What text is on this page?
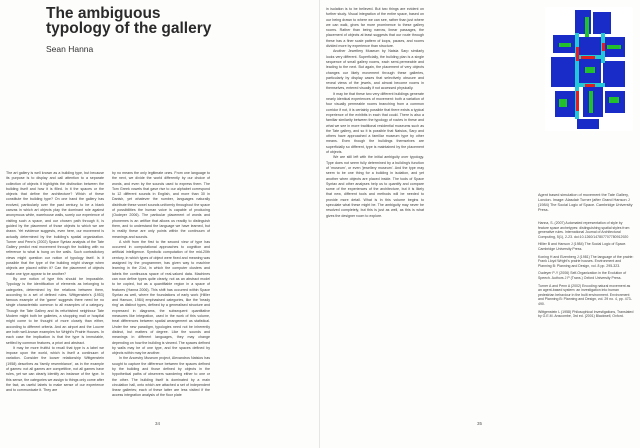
The ambiguous
typology of the gallery
Sean Hanna

The art gallery is well known as a building type, but because its purpose is to display and call attention to a separate collection of objects it highlights the distinction between the building itself and how it is filled. In it the spaces or the objects that define the architecture? Which of these constitute the building type? On one hand the gallery has evolved, particularly over the past century, to be a blank canvas in which art objects play the dominant role against anonymous white, warehouse walls, surely our experience of visiting such a space, and our chosen path through it, is guided by the placement of those objects to which we are drawn. Yet evidence suggests, even here, our movement is actually determined by the building's spatial organization. Turner and Penn's (2002) Space Syntax analysis of the Tate Gallery predict real movement through the building with no reference to what is hung on the walls. Such contradictory views might question our notion of typology itself. Is it possible that the type of the building might change when objects are placed within it? Can the placement of objects make one type appear to be another?

By one notion of type this should be impossible. Typology is the identification of elements as belonging to categories, determined by the relations between them, according to a set of defined rules. Wittgenstein's (1953) famous example of the 'game' suggests there need be no single characteristic common to all examples of a category. Though the Tate Gallery and its refurbished neighbour Tate Modern might both be galleries, a shopping mall or hospital might come to be thought of more closely than either, according to different criteria. And an airport and the Louvre are both well-known examples for Wright's Prairie Houses. In each case the implication is that the type is immutable, settled by common features, a priori and abstract.

It may be more fruitful to recall that type is a label we impose upon the world, which is itself a continuum of variation. Consider the looser relationship Wittgenstein (1958) describes as 'family resemblance', as in the example of games: not all games are competitive, not all games have rules, yet we can clearly identify an instance of the type. In this sense, the categories we assign to things only come after the fact, as useful labels to make sense of our experience and to communicate it. They are

by no means the only legitimate ones. From one language to the next, we divide the world differently by our choice of words, and even by the sounds used to express them. The Tom Greek vowels that gave rise to our alphabet correspond to 12 different sounds in English, and more than 30 in Danish, yet whatever the number, languages naturally distribute these vowel sounds uniformly throughout the space of possibilities the human voice is capable of producing (Oudeyer 2006). The particular placement of words and phonemes is an artifice that allows us readily to distinguish them, and to understand the language we have learned, but in reality these are only points within the continuum of meanings and sounds.

A shift from the first to the second view of type has occurred in computational approaches to cognition and artificial intelligence. Symbolic computation of the mid-20th century, in which types of object were fixed and meaning was assigned by the programmer, has given way to machine learning in the 21st, in which the computer clusters and labels the continuous space of real-valued data. Machines can now define types quite clearly, not as an abstract model to be copied, but as a quantifiable region in a space of features (Hanna 2006). This shift has occurred within Space Syntax as well, where the foundations of early work (Hillier and Hanson, 1984) emphasised categories, like the 'beady ring' as distinct types, defined by a generalised structure and expressed in diagrams, the subsequent quantitative measures like integration, used in the work of this volume, treat differences between spatial arrangement as statistical. Under the new paradigm, typologies need not be inherently distinct, but matters of degree. Like the sounds and meanings in different languages, they may change depending on how the building is viewed. The spaces defined by walls may be of one type, and the spaces defined by objects within may be another.

In the Ancestry Museum project, Alexandros Natsios has sought to capture the difference between the spaces defined by the building and those defined by objects in the hypothetical paths of observers wandering either to one or the other. The building itself is dominated by a main circulation hall, onto which are attached a set of independent linear galleries; each of these latter are less visited if the access integration analysis of the floor plate

34

in isolation is to be believed. But two things are evident on further study. Visual integration of the entire space, based on our being drawn to where we can see, rather than just where we can walk, gives far more prominence to these gallery rooms. Rather than being narrow, linear passages, the placement of objects at least suggests that our route through these has a finer scale pattern of loops, pauses, and rooms divided more by experience than structure.

Another Jewellery Museum by Natsia Sarp similarly looks very different. Superficially, the building plan is a single sequence of small gallery rooms, each semi-permeable and leading to the next. But again, the placement of very objects changes our likely movement through these galleries, particularly by display cases that selectively obscure and reveal views of the jewels, and almost become rooms in themselves, entered visually if not accessed physically.

It may be that these two very different buildings generate nearly identical experiences of movement: both a variation of four visually permeable rooms branching from a common corridor if not, it is certainly possible that there exists a typical experience of the exhibits in each that could. There is also a familiar similarity between the typology of routes in these and what we see in more traditional residential museums such as the Tate gallery, and so it is possible that Natsios, Sarp and others have approached a familiar museum type by other means. Even though the buildings themselves are superficially so different, type is maintained by the placement of objects.

We are still left with the initial ambiguity over typology. Type does not seem fully determined by a building's function of 'museum', or even 'jewellery museum'. And the type may seem to be one thing for a building in isolation, and yet another when objects are placed inside. The tools of Space Syntax and other analyses help us to quantify and compare some of the experiences of the architecture, but it is likely that new, different tools and methods will be needed to provide more detail. What is in this volume begins to speculate what these might be. The ambiguity may never be resolved completely, but this is just as well, as this is what gives the designer room to explore.

Agent based simulation of movement the Tate Gallery, London. Image: Alasdair Turner (after Grand Hanson J (1984) The Social Logic of Space. Cambridge University Press.

Hanna, S. (2007) Automated representation of style by feature space archetypes: distinguishing spatial styles from generative rules. International Journal of Architectural Computing, 5(1), 2-23. doi:10.1260/147807707780912920

Hillier B and Hanson J (1984) The Social Logic of Space. Cambridge University Press.

Koning H and Eizenberg J (1981) The language of the prairie: Frank Lloyd Wright's prairie houses. Environment and Planning B: Planning and Design, vol. 8 pp. 295-323.

Oudeyer P-Y (2006) Self-Organization in the Evolution of Speech. Authors J P (Trans.) Oxford University Press.

Turner A and Penn A (2002) Encoding natural movement as an agent-based system: an investigation into human pedestrian behaviour in the built environment. Environment and Planning B: Planning and Design, vol. 29 no. 4, pp. 473-490.

Wittgenstein L (1958) Philosophical Investigations, Translated by G.E.M. Anscombe, 3rd ed. (2001) Blackwell, Oxford.

35
